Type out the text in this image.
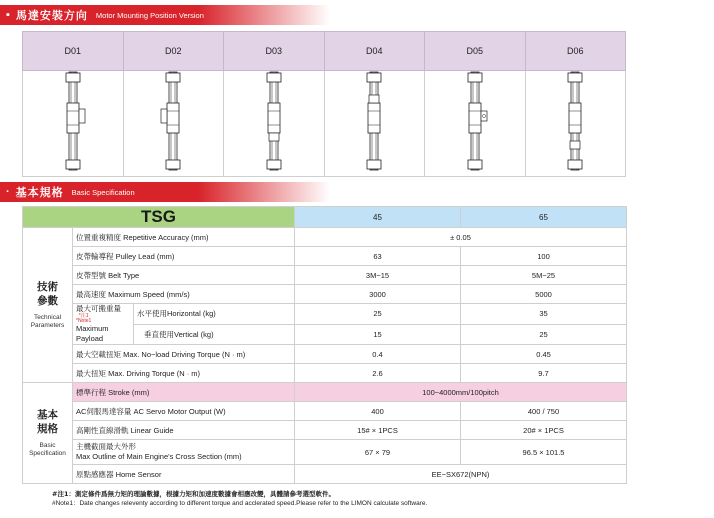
▪ 馬達安裝方向 Motor Mounting Position Version
D01	D02	D03	D04	D05	D06

· 基本規格 Basic Specification
TSG			45	65

技術
參數
Technical
Parameters	位置重複精度 Repetitive Accuracy (mm)		± 0.05	
	皮帶輪導程 Pulley Lead (mm)		63	100
	皮帶型號 Belt Type		3M−15	5M−25
	最高速度 Maximum Speed (mm/s)		3000	5000
	最大可搬重量 *注1
*Note1
Maximum Payload	水平使用Horizontal (kg)	25	35
		垂直使用Vertical (kg)	15	25
	最大空載扭矩 Max. No−load Driving Torque (N · m)		0.4	0.45
	最大扭矩 Max. Driving Torque (N · m)		2.6	9.7

基本
規格
Basic
Specification	標準行程 Stroke (mm)		100~4000mm/100pitch	
	AC伺服馬達容量 AC Servo Motor Output (W)		400	400 / 750
	高剛性直線滑軌 Linear Guide		15# × 1PCS	20# × 1PCS
	主機截面最大外形
Max Outline of Main Engine's Cross Section (mm)		67 × 79	96.5 × 101.5
	原點感應器 Home Sensor		EE−SX672(NPN)	
#注1：測定條件爲無力矩的理論數據，根據力矩和加速度數據會相應改變，具體請參考選型軟件。
#Note1：Date changes releventy according to different torque and acclerated speed.Please refer to the LIMON calculate software.
